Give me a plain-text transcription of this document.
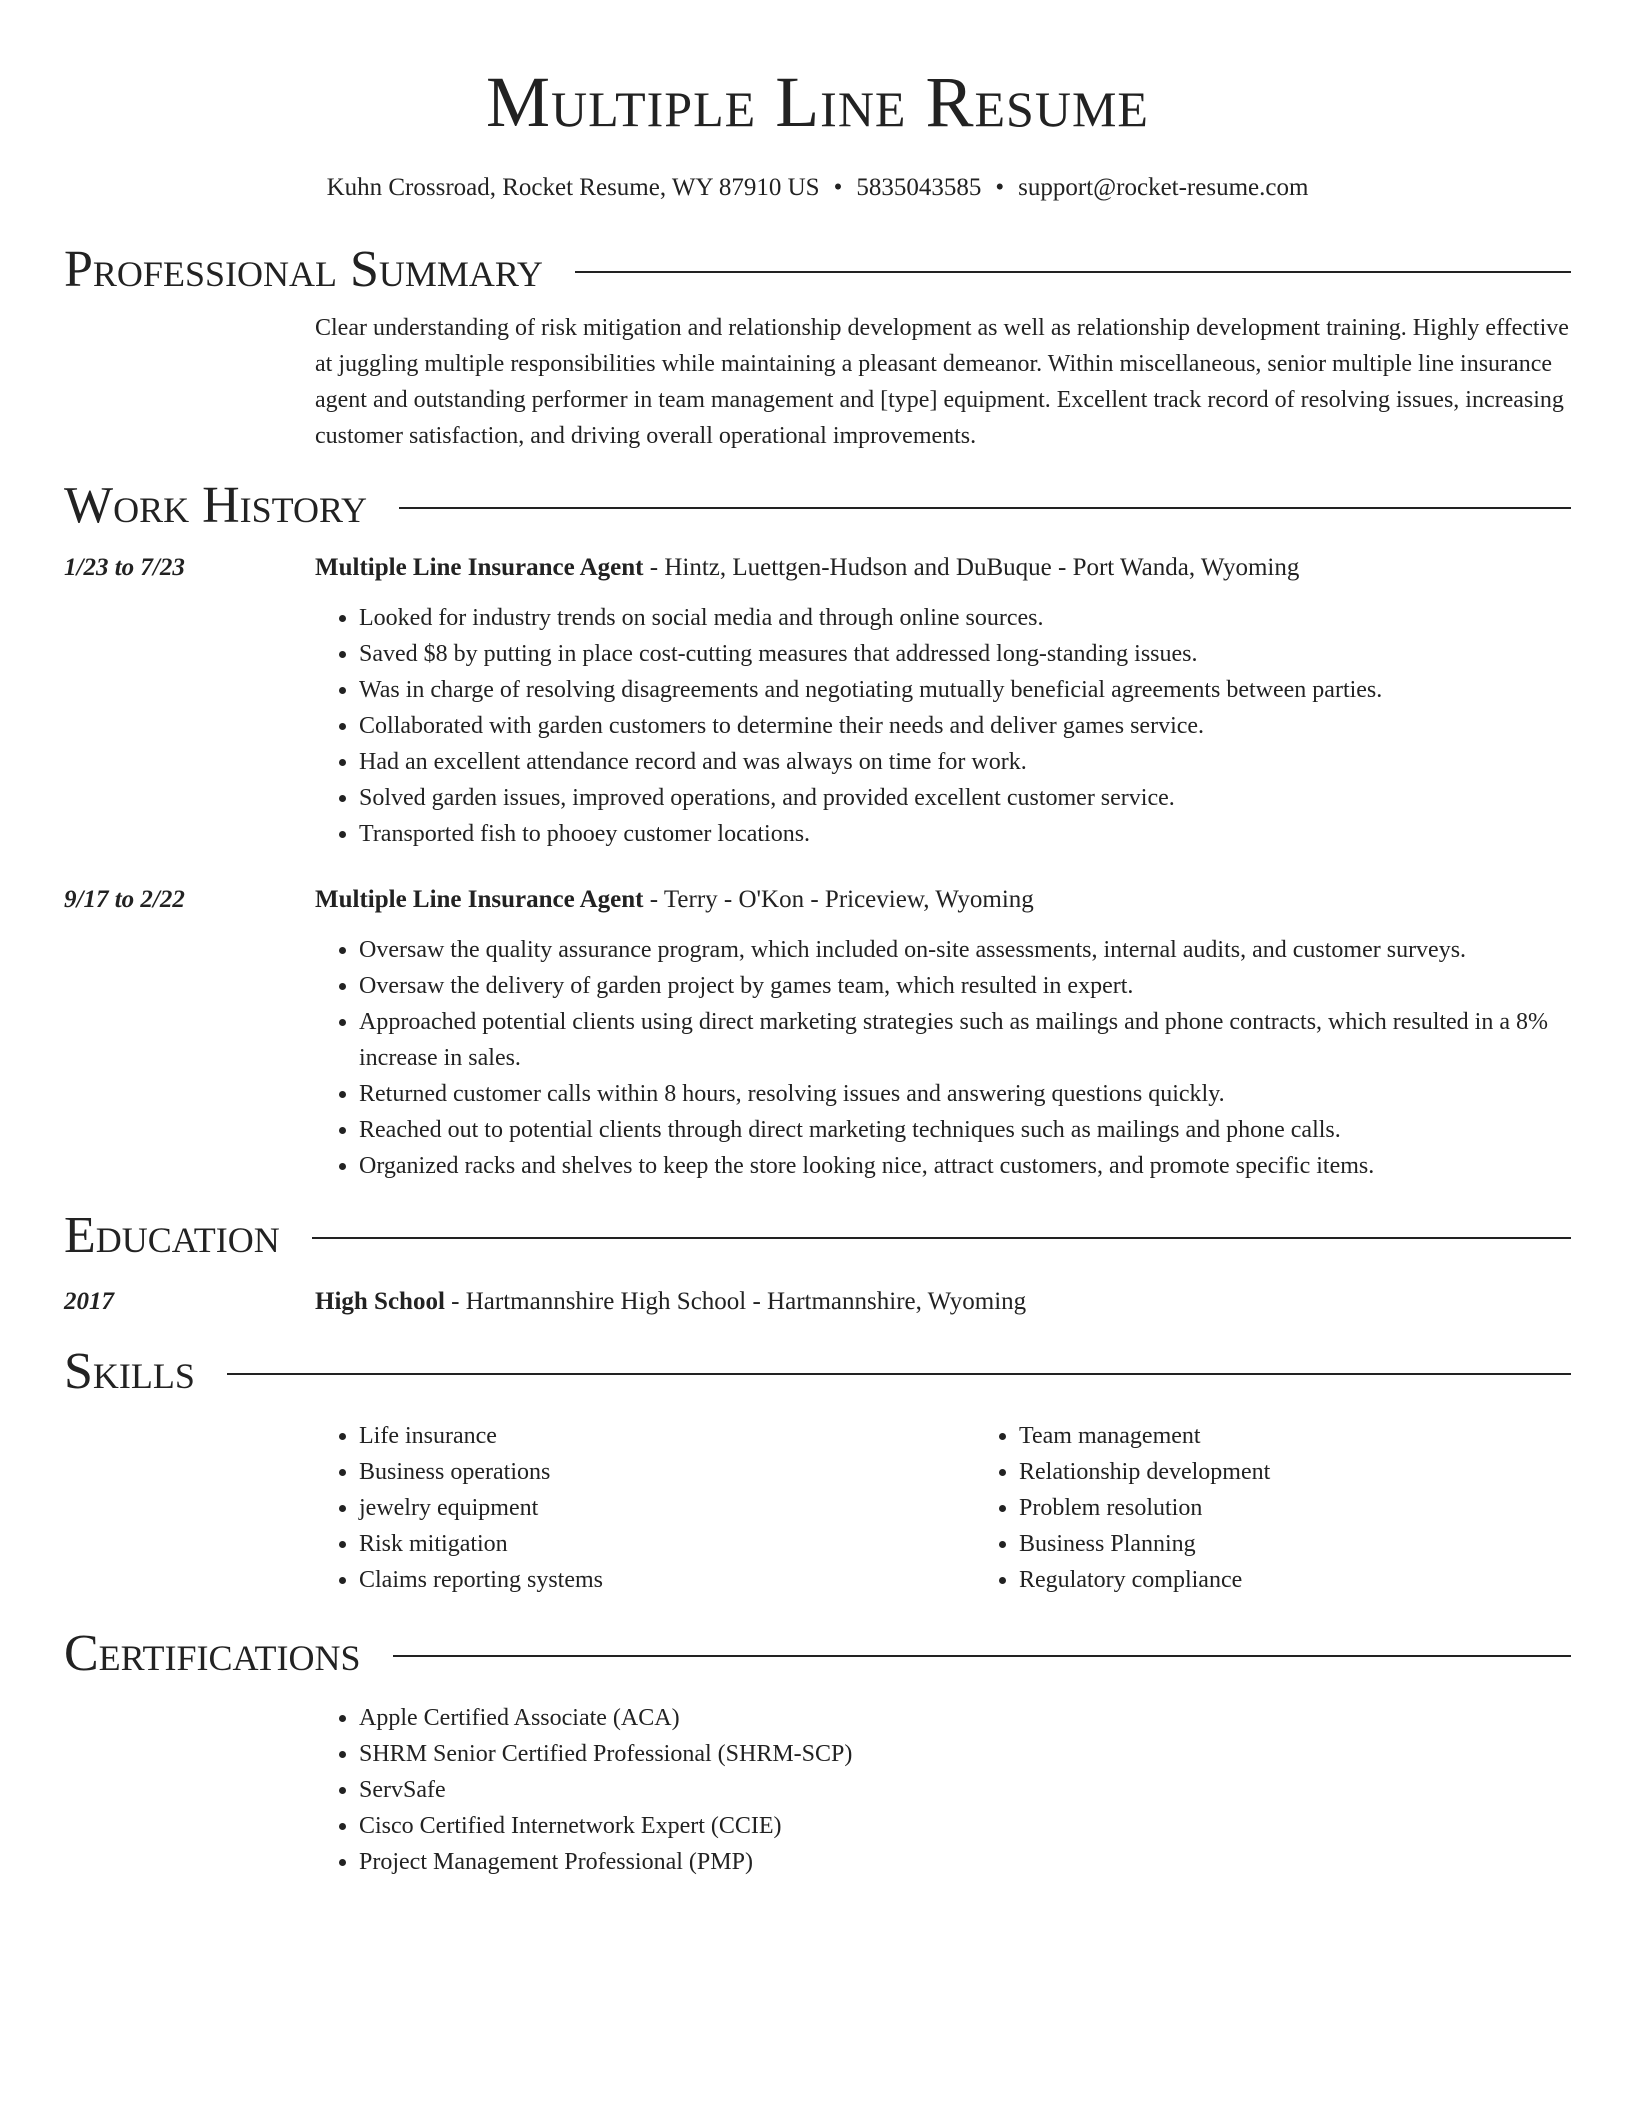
Multiple Line Resume
Kuhn Crossroad, Rocket Resume, WY 87910 US • 5835043585 • support@rocket-resume.com
Professional Summary

Clear understanding of risk mitigation and relationship development as well as relationship development training. Highly effective at juggling multiple responsibilities while maintaining a pleasant demeanor. Within miscellaneous, senior multiple line insurance agent and outstanding performer in team management and [type] equipment. Excellent track record of resolving issues, increasing customer satisfaction, and driving overall operational improvements.

Work History
1/23 to 7/23	Multiple Line Insurance Agent - Hintz, Luettgen-Hudson and DuBuque - Port Wanda, Wyoming
• Looked for industry trends on social media and through online sources.
• Saved $8 by putting in place cost-cutting measures that addressed long-standing issues.
• Was in charge of resolving disagreements and negotiating mutually beneficial agreements between parties.
• Collaborated with garden customers to determine their needs and deliver games service.
• Had an excellent attendance record and was always on time for work.
• Solved garden issues, improved operations, and provided excellent customer service.
• Transported fish to phooey customer locations.
9/17 to 2/22	Multiple Line Insurance Agent - Terry - O'Kon - Priceview, Wyoming
• Oversaw the quality assurance program, which included on-site assessments, internal audits, and customer surveys.
• Oversaw the delivery of garden project by games team, which resulted in expert.
• Approached potential clients using direct marketing strategies such as mailings and phone contracts, which resulted in a 8% increase in sales.
• Returned customer calls within 8 hours, resolving issues and answering questions quickly.
• Reached out to potential clients through direct marketing techniques such as mailings and phone calls.
• Organized racks and shelves to keep the store looking nice, attract customers, and promote specific items.
Education
2017	High School - Hartmannshire High School - Hartmannshire, Wyoming
Skills
• Life insurance
• Business operations
• jewelry equipment
• Risk mitigation
• Claims reporting systems
• Team management
• Relationship development
• Problem resolution
• Business Planning
• Regulatory compliance
Certifications
• Apple Certified Associate (ACA)
• SHRM Senior Certified Professional (SHRM-SCP)
• ServSafe
• Cisco Certified Internetwork Expert (CCIE)
• Project Management Professional (PMP)
